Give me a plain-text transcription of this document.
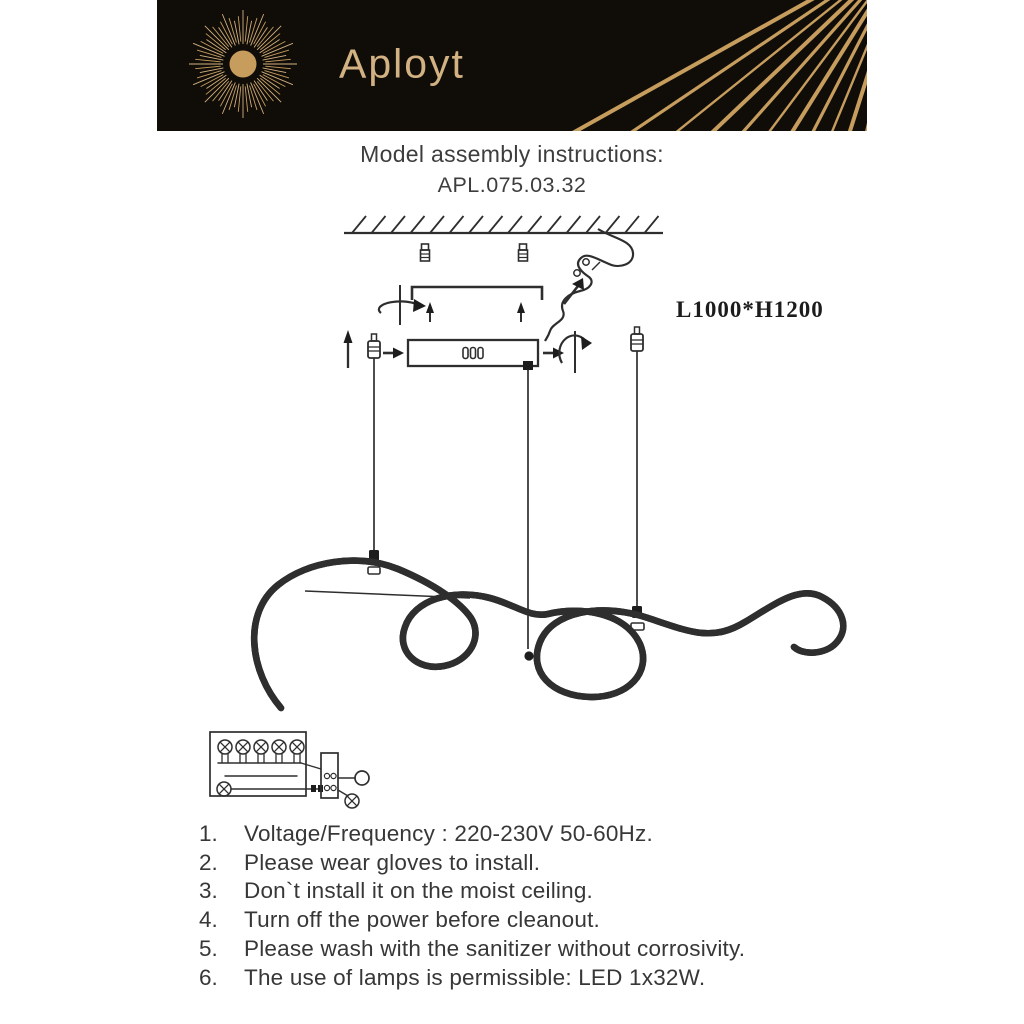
Aployt
Model assembly instructions:
APL.075.03.32
L1000*H1200
1.	Voltage/Frequency : 220-230V 50-60Hz.
2.	Please wear gloves to install.
3.	Don`t install it on the moist ceiling.
4.	Turn off the power before cleanout.
5.	Please wash with the sanitizer without corrosivity.
6.	The use of lamps is permissible: LED 1x32W.
